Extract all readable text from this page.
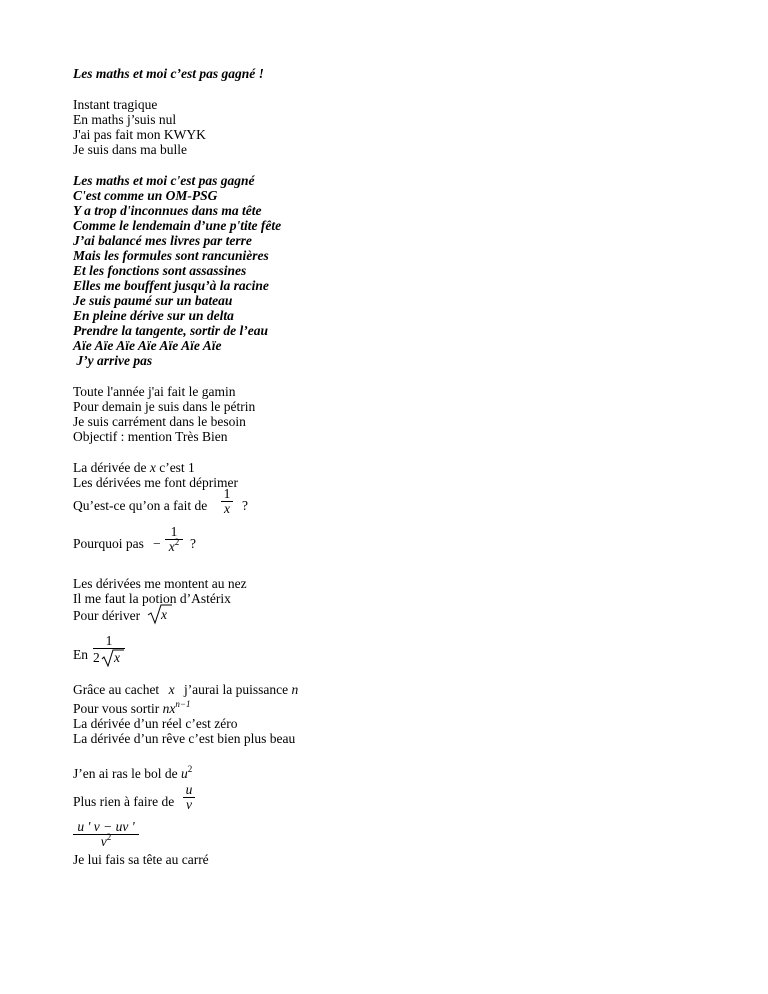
Les maths et moi c’est pas gagné !
Instant tragique
En maths j’suis nul
J'ai pas fait mon KWYK
Je suis dans ma bulle
Les maths et moi c'est pas gagné
C'est comme un OM-PSG
Y a trop d'inconnues dans ma tête
Comme le lendemain d’une p'tite fête
J’ai balancé mes livres par terre
Mais les formules sont rancunières
Et les fonctions sont assassines
Elles me bouffent jusqu’à la racine
Je suis paumé sur un bateau
En pleine dérive sur un delta
Prendre la tangente, sortir de l’eau
Aïe Aïe Aïe Aïe Aïe Aïe Aïe
J’y arrive pas
Toute l'année j'ai fait le gamin
Pour demain je suis dans le pétrin
Je suis carrément dans le besoin
Objectif : mention Très Bien
La dérivée de x c’est 1
Les dérivées me font déprimer
Qu’est-ce qu’on a fait de
1
x ?
Pourquoi pas −
1
$x^2$ ?
Les dérivées me montent au nez
Il me faut la potion d’Astérix
Pour dériver x
En
1
2 x
Grâce au cachet x j’aurai la puissance n
Pour vous sortir $nx^{n-1}$
La dérivée d’un réel c’est zéro
La dérivée d’un rêve c’est bien plus beau
J’en ai ras le bol de $u^2$
Plus rien à faire de
u
v
u ' v − uv '
$v^2$
Je lui fais sa tête au carré
